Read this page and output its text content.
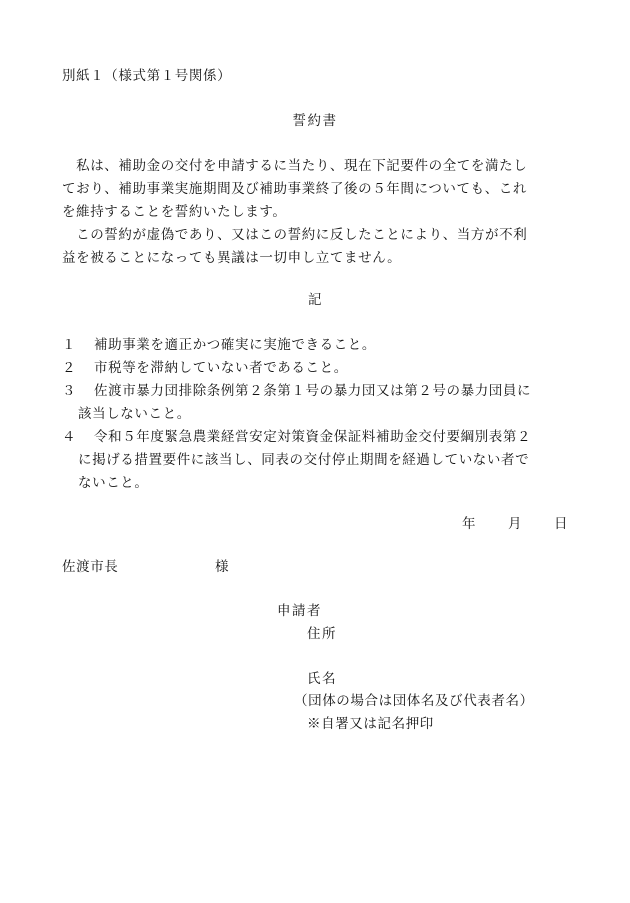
別紙１（様式第１号関係）
誓約書
　私は、補助金の交付を申請するに当たり、現在下記要件の全てを満たし
ており、補助事業実施期間及び補助事業終了後の５年間についても、これ
を維持することを誓約いたします。
　この誓約が虚偽であり、又はこの誓約に反したことにより、当方が不利
益を被ることになっても異議は一切申し立てません。
記
１ 補助事業を適正かつ確実に実施できること。
２ 市税等を滞納していない者であること。
３ 佐渡市暴力団排除条例第２条第１号の暴力団又は第２号の暴力団員に
該当しないこと。
４ 令和５年度緊急農業経営安定対策資金保証料補助金交付要綱別表第２
に掲げる措置要件に該当し、同表の交付停止期間を経過していない者で
ないこと。
年 月 日
佐渡市長	様
申請者
住所
氏名
（団体の場合は団体名及び代表者名）
※自署又は記名押印
